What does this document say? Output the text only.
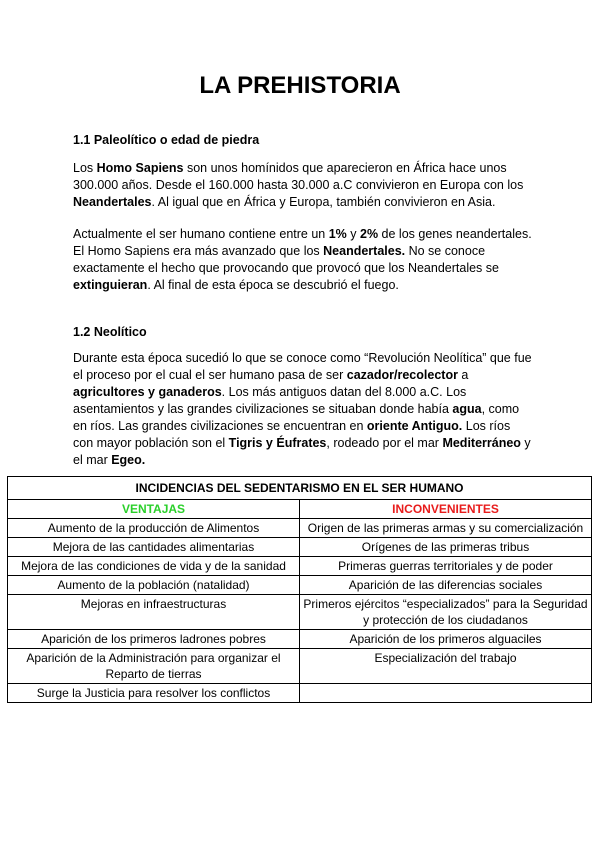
LA PREHISTORIA
1.1 Paleolítico o edad de piedra
Los Homo Sapiens son unos homínidos que aparecieron en África hace unos 300.000 años. Desde el 160.000 hasta 30.000 a.C convivieron en Europa con los Neandertales. Al igual que en África y Europa, también convivieron en Asia.
Actualmente el ser humano contiene entre un 1% y 2% de los genes neandertales. El Homo Sapiens era más avanzado que los Neandertales. No se conoce exactamente el hecho que provocando que provocó que los Neandertales se extinguieran. Al final de esta época se descubrió el fuego.
1.2 Neolítico
Durante esta época sucedió lo que se conoce como “Revolución Neolítica” que fue el proceso por el cual el ser humano pasa de ser cazador/recolector a agricultores y ganaderos. Los más antiguos datan del 8.000 a.C. Los asentamientos y las grandes civilizaciones se situaban donde había agua, como en ríos. Las grandes civilizaciones se encuentran en oriente Antiguo. Los ríos con mayor población son el Tigris y Éufrates, rodeado por el mar Mediterráneo y el mar Egeo.
INCIDENCIAS DEL SEDENTARISMO EN EL SER HUMANO	
VENTAJAS	INCONVENIENTES
Aumento de la producción de Alimentos	Origen de las primeras armas y su comercialización
Mejora de las cantidades alimentarias	Orígenes de las primeras tribus
Mejora de las condiciones de vida y de la sanidad	Primeras guerras territoriales y de poder
Aumento de la población (natalidad)	Aparición de las diferencias sociales
Mejoras en infraestructuras	Primeros ejércitos “especializados” para la Seguridad y protección de los ciudadanos
Aparición de los primeros ladrones pobres	Aparición de los primeros alguaciles
Aparición de la Administración para organizar el Reparto de tierras	Especialización del trabajo
Surge la Justicia para resolver los conflictos	
